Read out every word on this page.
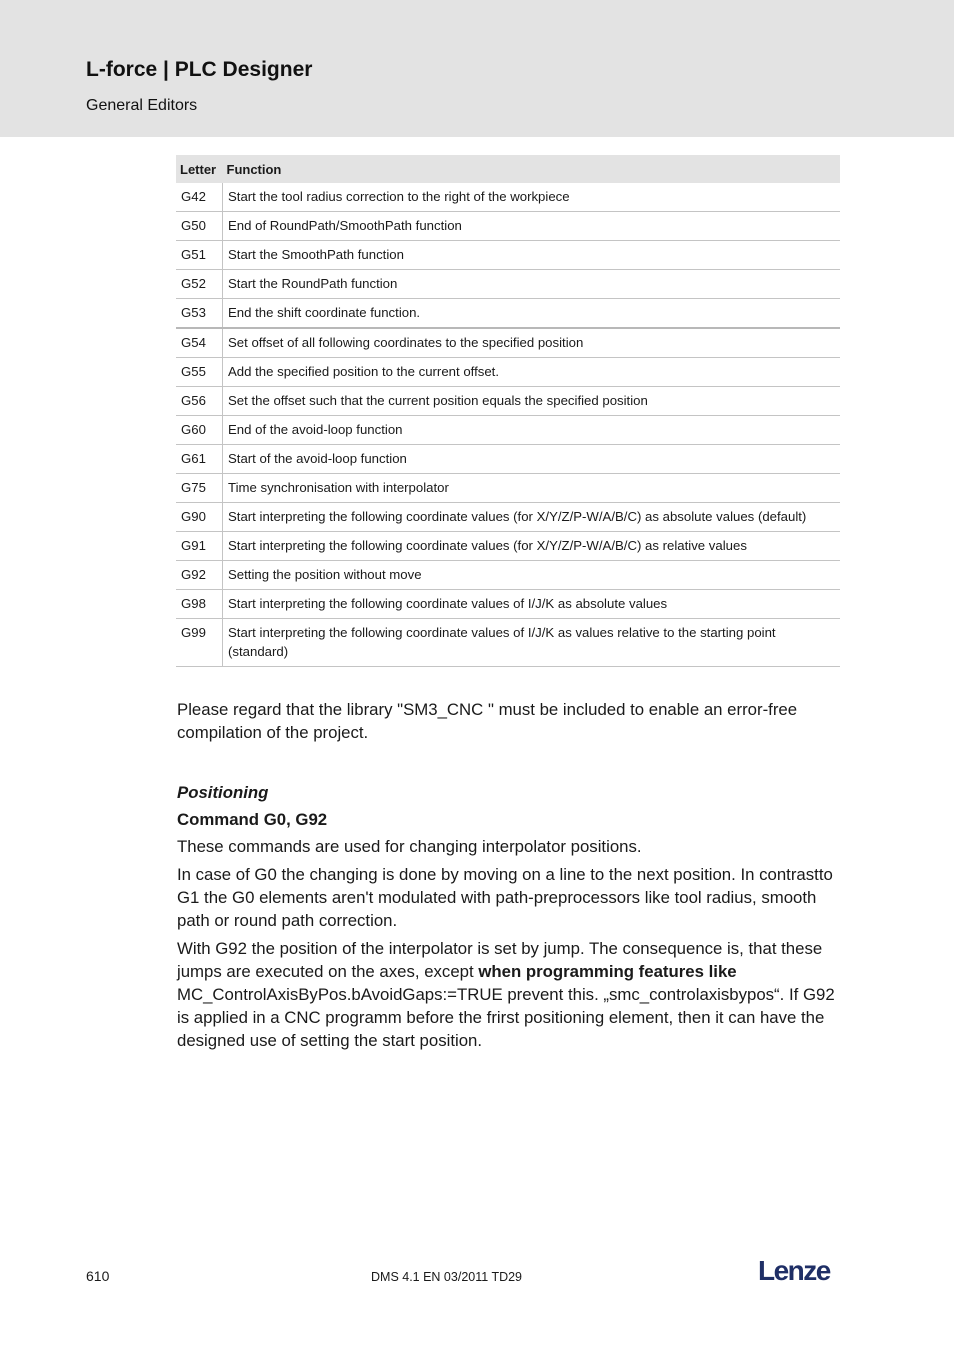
L-force | PLC Designer
General Editors
Letter	Function
G42	Start the tool radius correction to the right of the workpiece
G50	End of RoundPath/SmoothPath function
G51	Start the SmoothPath function
G52	Start the RoundPath function
G53	End the shift coordinate function.
G54	Set offset of all following coordinates to the specified position
G55	Add the specified position to the current offset.
G56	Set the offset such that the current position equals the specified position
G60	End of the avoid-loop function
G61	Start of the avoid-loop function
G75	Time synchronisation with interpolator
G90	Start interpreting the following coordinate values (for X/Y/Z/P-W/A/B/C) as absolute values (default)
G91	Start interpreting the following coordinate values (for X/Y/Z/P-W/A/B/C) as relative values
G92	Setting the position without move
G98	Start interpreting the following coordinate values of I/J/K as absolute values
G99	Start interpreting the following coordinate values of I/J/K as values relative to the starting point (standard)

Please regard that the library "SM3_CNC " must be included to enable an error-free compilation of the project.

Positioning

Command G0, G92

These commands are used for changing interpolator positions.

In case of G0 the changing is done by moving on a line to the next position. In contrastto G1 the G0 elements aren't modulated with path-preprocessors like tool radius, smooth path or round path correction.

With G92 the position of the interpolator is set by jump. The consequence is, that these jumps are executed on the axes, except when programming features like MC_ControlAxisByPos.bAvoidGaps:=TRUE prevent this. „smc_controlaxisbypos“. If G92 is applied in a CNC programm before the frirst positioning element, then it can have the designed use of setting the start position.

610	DMS 4.1 EN 03/2011 TD29	Lenze
